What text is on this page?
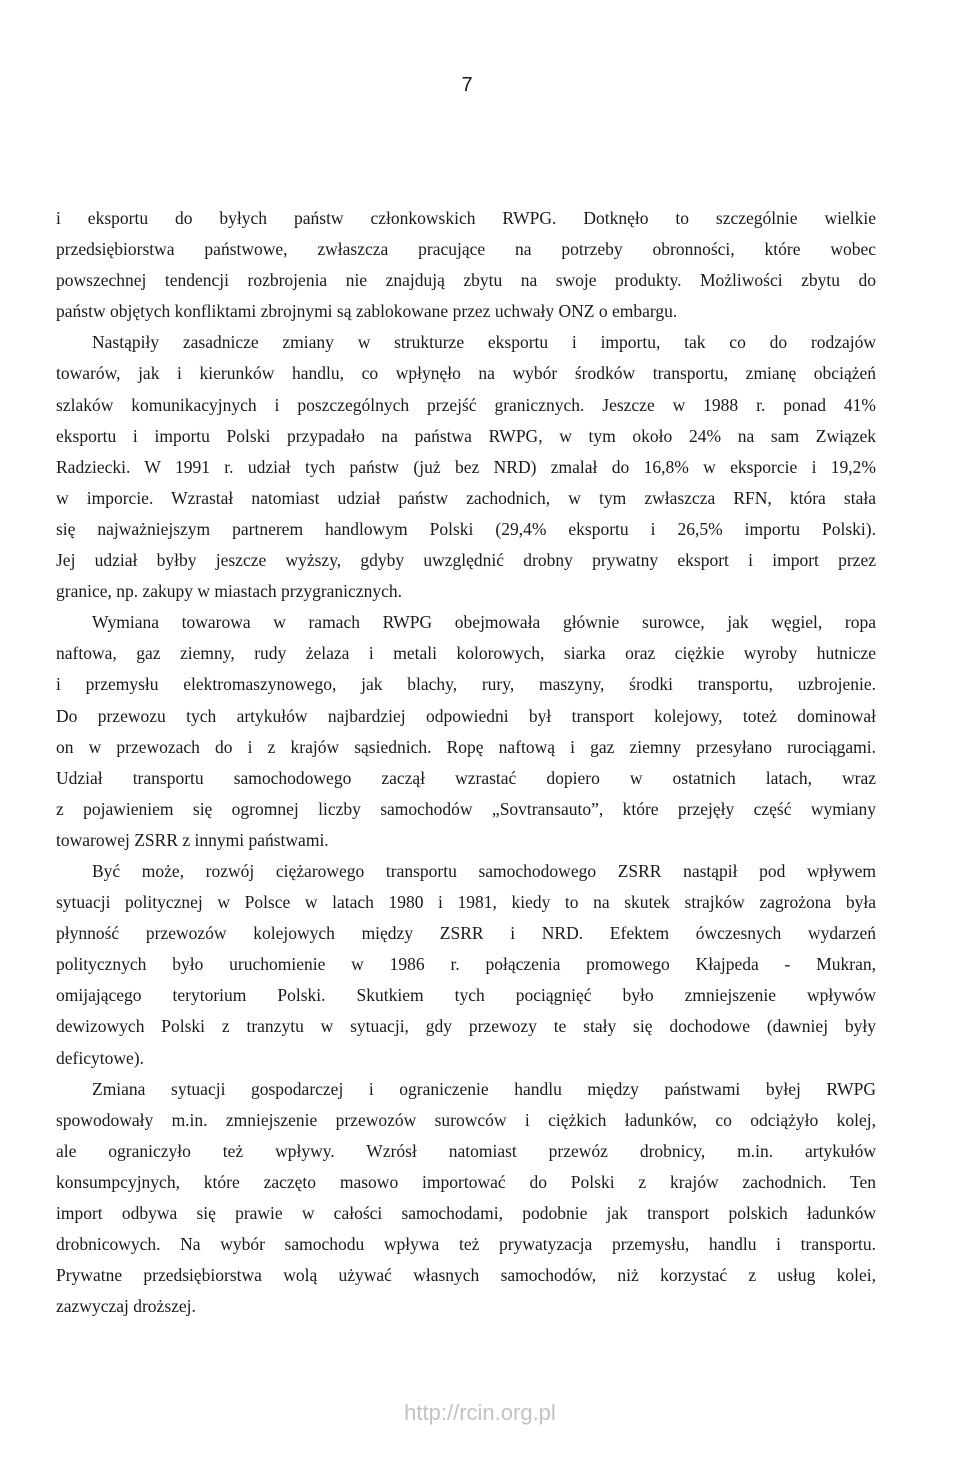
7
i eksportu do byłych państw członkowskich RWPG. Dotknęło to szczególnie wielkie
przedsiębiorstwa państwowe, zwłaszcza pracujące na potrzeby obronności, które wobec
powszechnej tendencji rozbrojenia nie znajdują zbytu na swoje produkty. Możliwości zbytu do
państw objętych konfliktami zbrojnymi są zablokowane przez uchwały ONZ o embargu.
Nastąpiły zasadnicze zmiany w strukturze eksportu i importu, tak co do rodzajów
towarów, jak i kierunków handlu, co wpłynęło na wybór środków transportu, zmianę obciążeń
szlaków komunikacyjnych i poszczególnych przejść granicznych. Jeszcze w 1988 r. ponad 41%
eksportu i importu Polski przypadało na państwa RWPG, w tym około 24% na sam Związek
Radziecki. W 1991 r. udział tych państw (już bez NRD) zmalał do 16,8% w eksporcie i 19,2%
w imporcie. Wzrastał natomiast udział państw zachodnich, w tym zwłaszcza RFN, która stała
się najważniejszym partnerem handlowym Polski (29,4% eksportu i 26,5% importu Polski).
Jej udział byłby jeszcze wyższy, gdyby uwzględnić drobny prywatny eksport i import przez
granice, np. zakupy w miastach przygranicznych.
Wymiana towarowa w ramach RWPG obejmowała głównie surowce, jak węgiel, ropa
naftowa, gaz ziemny, rudy żelaza i metali kolorowych, siarka oraz ciężkie wyroby hutnicze
i przemysłu elektromaszynowego, jak blachy, rury, maszyny, środki transportu, uzbrojenie.
Do przewozu tych artykułów najbardziej odpowiedni był transport kolejowy, toteż dominował
on w przewozach do i z krajów sąsiednich. Ropę naftową i gaz ziemny przesyłano rurociągami.
Udział transportu samochodowego zaczął wzrastać dopiero w ostatnich latach, wraz
z pojawieniem się ogromnej liczby samochodów „Sovtransauto”, które przejęły część wymiany
towarowej ZSRR z innymi państwami.
Być może, rozwój ciężarowego transportu samochodowego ZSRR nastąpił pod wpływem
sytuacji politycznej w Polsce w latach 1980 i 1981, kiedy to na skutek strajków zagrożona była
płynność przewozów kolejowych między ZSRR i NRD. Efektem ówczesnych wydarzeń
politycznych było uruchomienie w 1986 r. połączenia promowego Kłajpeda - Mukran,
omijającego terytorium Polski. Skutkiem tych pociągnięć było zmniejszenie wpływów
dewizowych Polski z tranzytu w sytuacji, gdy przewozy te stały się dochodowe (dawniej były
deficytowe).
Zmiana sytuacji gospodarczej i ograniczenie handlu między państwami byłej RWPG
spowodowały m.in. zmniejszenie przewozów surowców i ciężkich ładunków, co odciążyło kolej,
ale ograniczyło też wpływy. Wzrósł natomiast przewóz drobnicy, m.in. artykułów
konsumpcyjnych, które zaczęto masowo importować do Polski z krajów zachodnich. Ten
import odbywa się prawie w całości samochodami, podobnie jak transport polskich ładunków
drobnicowych. Na wybór samochodu wpływa też prywatyzacja przemysłu, handlu i transportu.
Prywatne przedsiębiorstwa wolą używać własnych samochodów, niż korzystać z usług kolei,
zazwyczaj droższej.
http://rcin.org.pl
